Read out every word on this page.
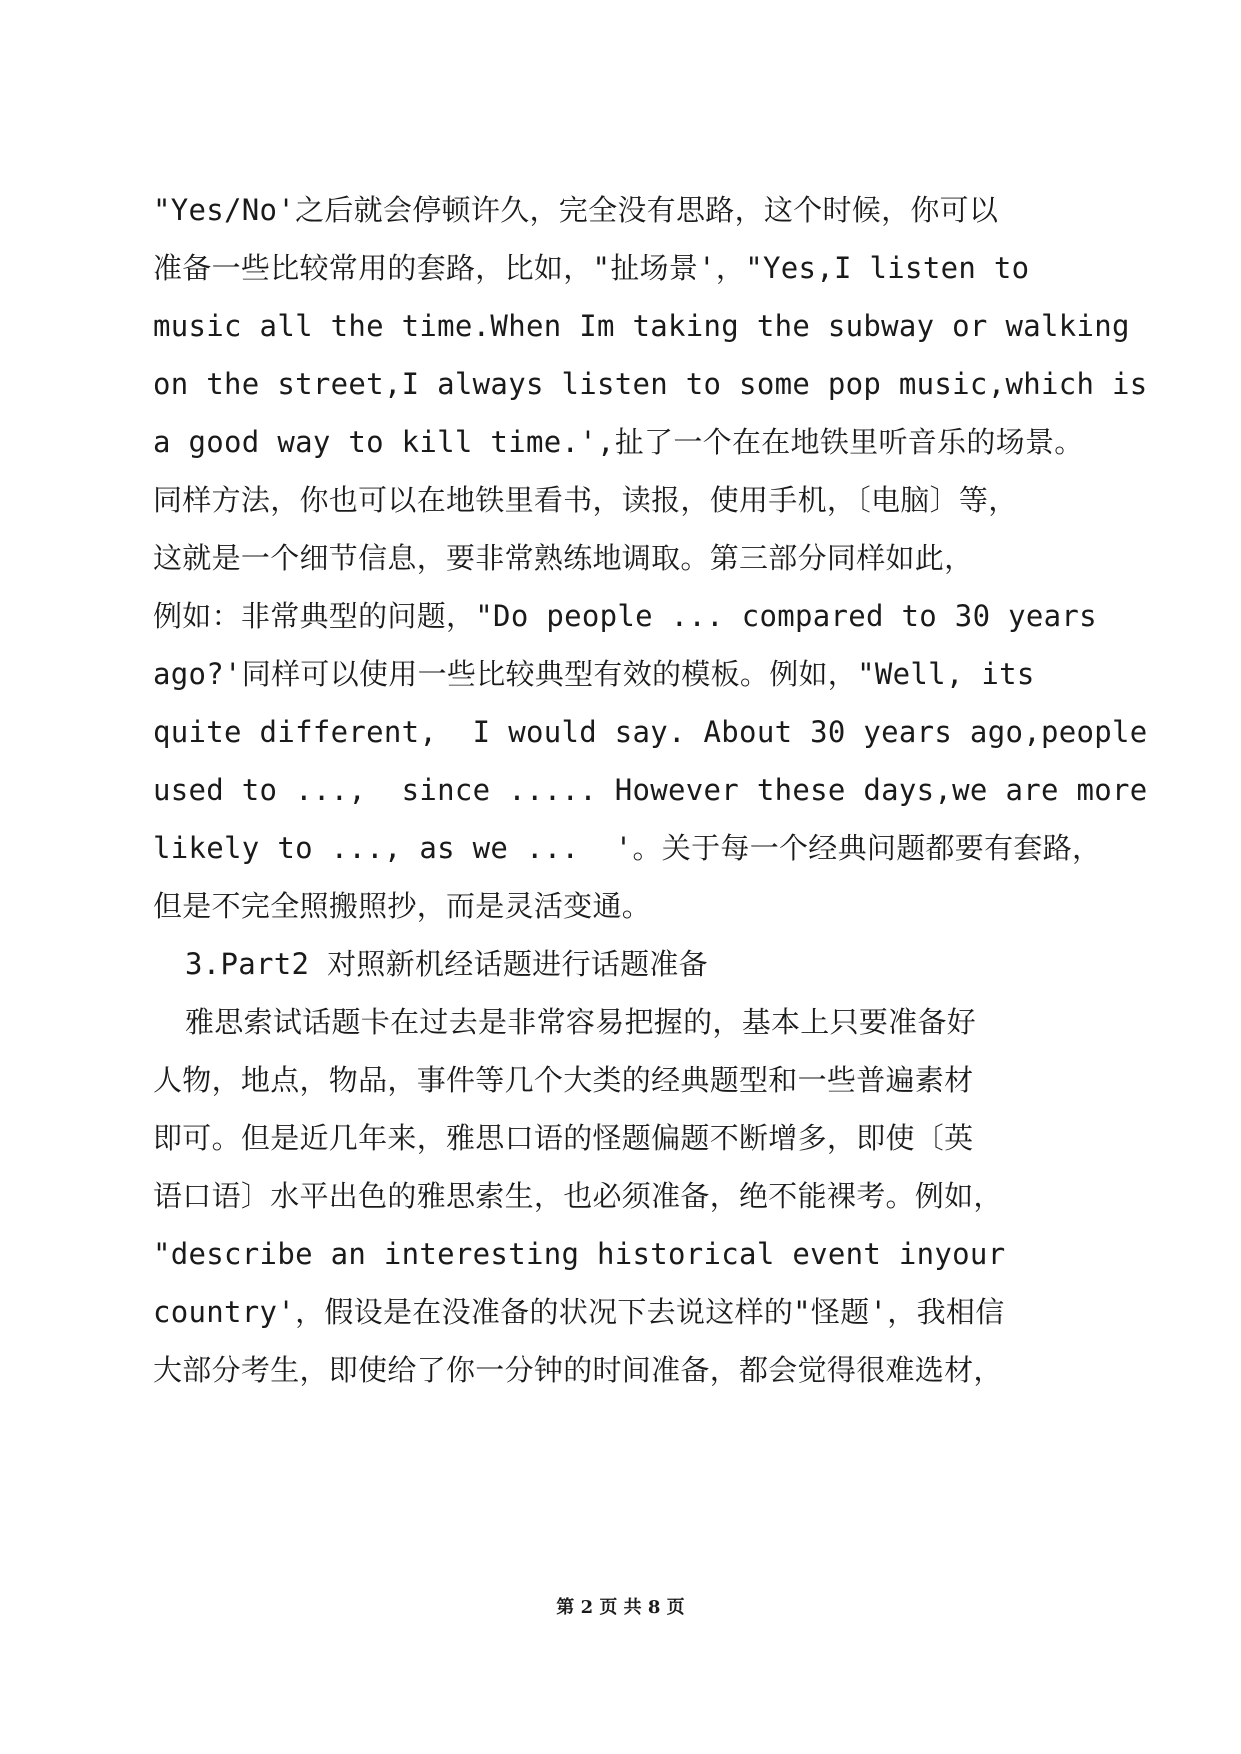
"Yes/No'之后就会停顿许久，完全没有思路，这个时候，你可以
准备一些比较常用的套路，比如，"扯场景'，"Yes,I listen to
music all the time.When Im taking the subway or walking
on the street,I always listen to some pop music,which is
a good way to kill time.',扯了一个在在地铁里听音乐的场景。
同样方法，你也可以在地铁里看书，读报，使用手机，〔电脑〕等，
这就是一个细节信息，要非常熟练地调取。第三部分同样如此，
例如：非常典型的问题，"Do people ... compared to 30 years
ago?'同样可以使用一些比较典型有效的模板。例如，"Well, its
quite different,  I would say. About 30 years ago,people
used to ...,  since ..... However these days,we are more
likely to ..., as we ...  '。关于每一个经典问题都要有套路，
但是不完全照搬照抄，而是灵活变通。
3.Part2 对照新机经话题进行话题准备
雅思索试话题卡在过去是非常容易把握的，基本上只要准备好
人物，地点，物品，事件等几个大类的经典题型和一些普遍素材
即可。但是近几年来，雅思口语的怪题偏题不断增多，即使〔英
语口语〕水平出色的雅思索生，也必须准备，绝不能裸考。例如，
"describe an interesting historical event inyour
country'，假设是在没准备的状况下去说这样的"怪题'，我相信
大部分考生，即使给了你一分钟的时间准备，都会觉得很难选材，
第 2 页 共 8 页
